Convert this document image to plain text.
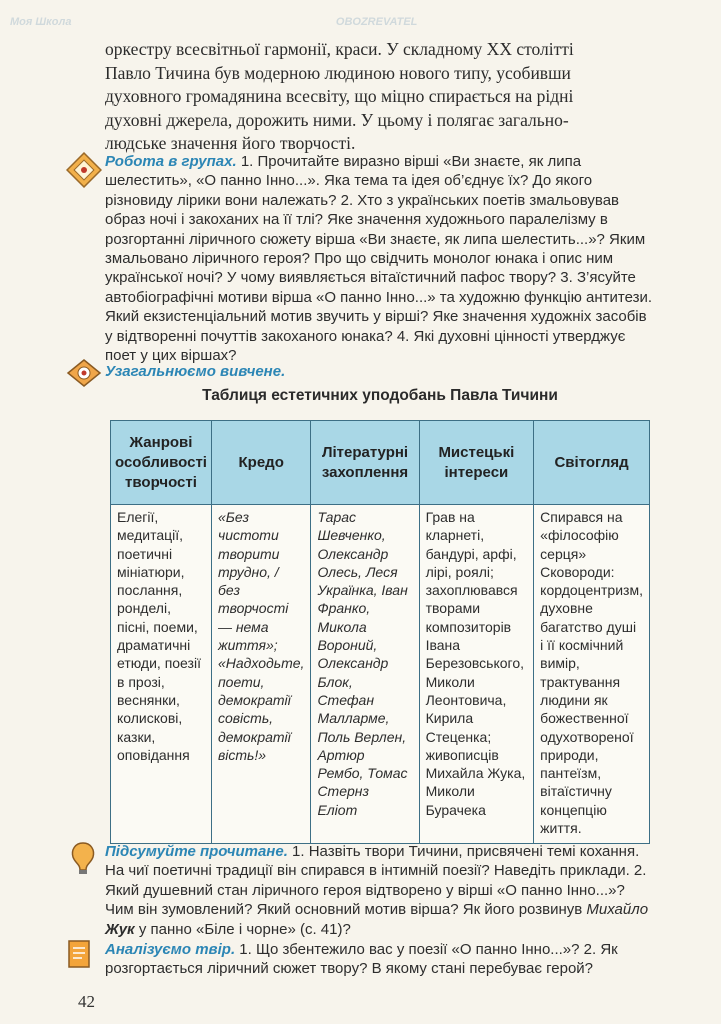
оркестру всесвітньої гармонії, краси. У складному ХХ столітті
Павло Тичина був модерною людиною нового типу, усобивши
духовного громадянина всесвіту, що міцно спирається на рідні
духовні джерела, дорожить ними. У цьому і полягає загально-
людське значення його творчості.
Робота в групах. 1. Прочитайте виразно вірші «Ви знаєте, як липа шелестить», «О панно Інно...». Яка тема та ідея об’єднує їх? До якого різновиду лірики вони належать? 2. Хто з українських поетів змальовував образ ночі і закоханих на її тлі? Яке значення художнього паралелізму в розгортанні ліричного сюжету вірша «Ви знаєте, як липа шелестить...»? Яким змальовано ліричного героя? Про що свідчить монолог юнака і опис ним української ночі? У чому виявляється вітаїстичний пафос твору? 3. З’ясуйте автобіографічні мотиви вірша «О панно Інно...» та художню функцію антитези. Який екзистенціальний мотив звучить у вірші? Яке значення художніх засобів у відтворенні почуттів закоханого юнака? 4. Які духовні цінності утверджує поет у цих віршах?
Узагальнюємо вивчене.
Таблиця естетичних уподобань Павла Тичини
Жанрові особливості творчості	Кредо	Літературні захоплення	Мистецькі інтереси	Світогляд
Елегії, медитації, поетичні мініатюри, послання, ронделі, пісні, поеми, драматичні етюди, поезії в прозі, веснянки, колискові, казки, оповідання	«Без чистоти творити трудно, / без творчості — нема життя»; «Надходьте, поети, демократії совість, демократії віcть!»	Тарас Шевченко, Олександр Олесь, Леся Українка, Іван Франко, Микола Вороний, Олександр Блок, Стефан Малларме, Поль Верлен, Артюр Рембо, Томас Стернз Еліот	Грав на кларнеті, бандурі, арфі, лірі, роялі; захоплювався творами композиторів Івана Березовського, Миколи Леонтовича, Кирила Стеценка; живописців Михайла Жука, Миколи Бурачека	Спирався на «філософію серця» Сковороди: кордоцентризм, духовне багатство душі і її космічний вимір, трактування людини як божественної одухотвореної природи, пантеїзм, вітаїстичну концепцію життя.
Підсумуйте прочитане. 1. Назвіть твори Тичини, присвячені темі кохання. На чиї поетичні традиції він спирався в інтимній поезії? Наведіть приклади. 2. Який душевний стан ліричного героя відтворено у вірші «О панно Інно...»? Чим він зумовлений? Який основний мотив вірша? Як його розвинув Михайло Жук у панно «Біле і чорне» (с. 41)?
Аналізуємо твір. 1. Що збентежило вас у поезії «О панно Інно...»? 2. Як розгортається ліричний сюжет твору? В якому стані перебуває герой?
42
Моя Школа	OBOZREVATEL
